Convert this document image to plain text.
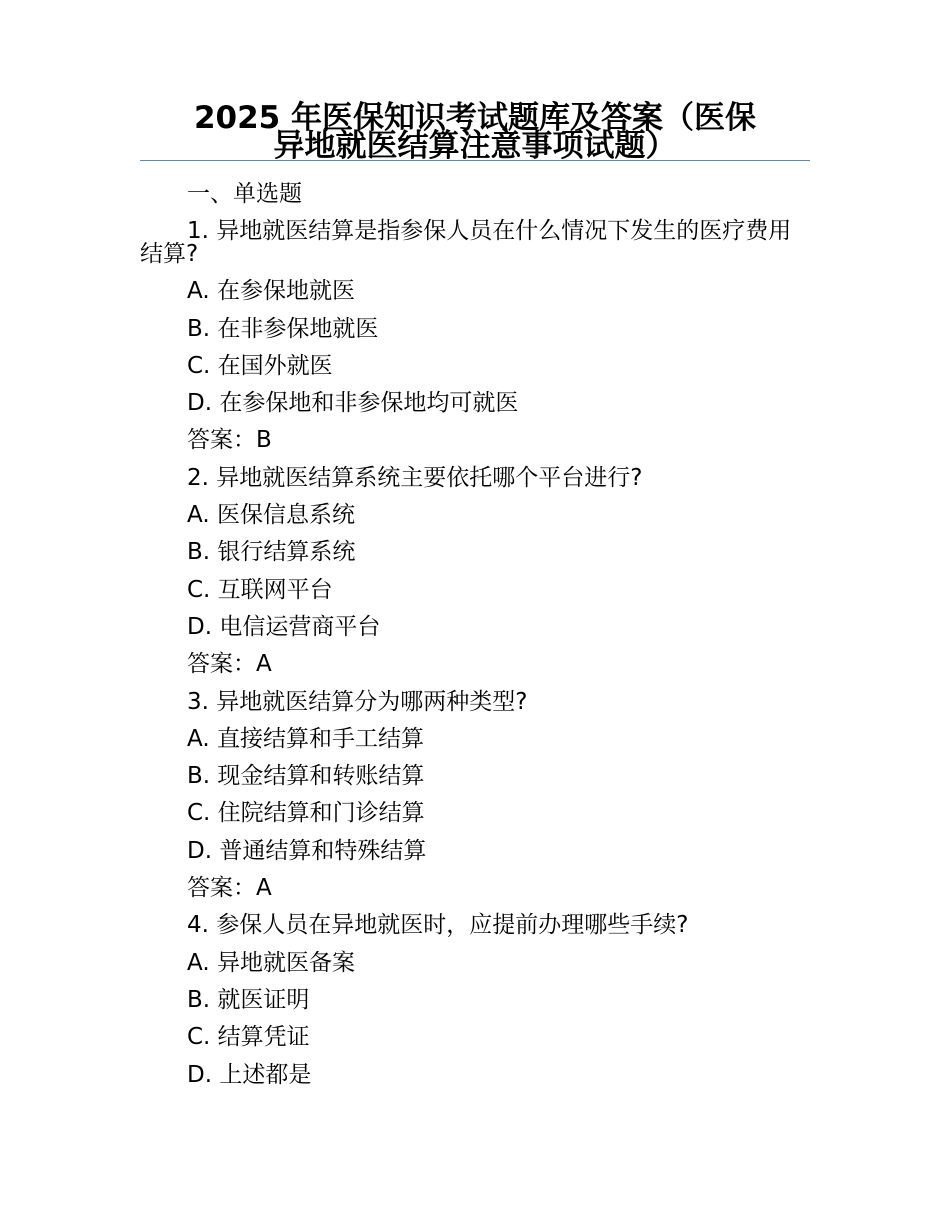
2025 年医保知识考试题库及答案（医保
异地就医结算注意事项试题）
一、单选题
1. 异地就医结算是指参保人员在什么情况下发生的医疗费用结算?
A. 在参保地就医
B. 在非参保地就医
C. 在国外就医
D. 在参保地和非参保地均可就医
答案：B
2. 异地就医结算系统主要依托哪个平台进行?
A. 医保信息系统
B. 银行结算系统
C. 互联网平台
D. 电信运营商平台
答案：A
3. 异地就医结算分为哪两种类型?
A. 直接结算和手工结算
B. 现金结算和转账结算
C. 住院结算和门诊结算
D. 普通结算和特殊结算
答案：A
4. 参保人员在异地就医时，应提前办理哪些手续?
A. 异地就医备案
B. 就医证明
C. 结算凭证
D. 上述都是
